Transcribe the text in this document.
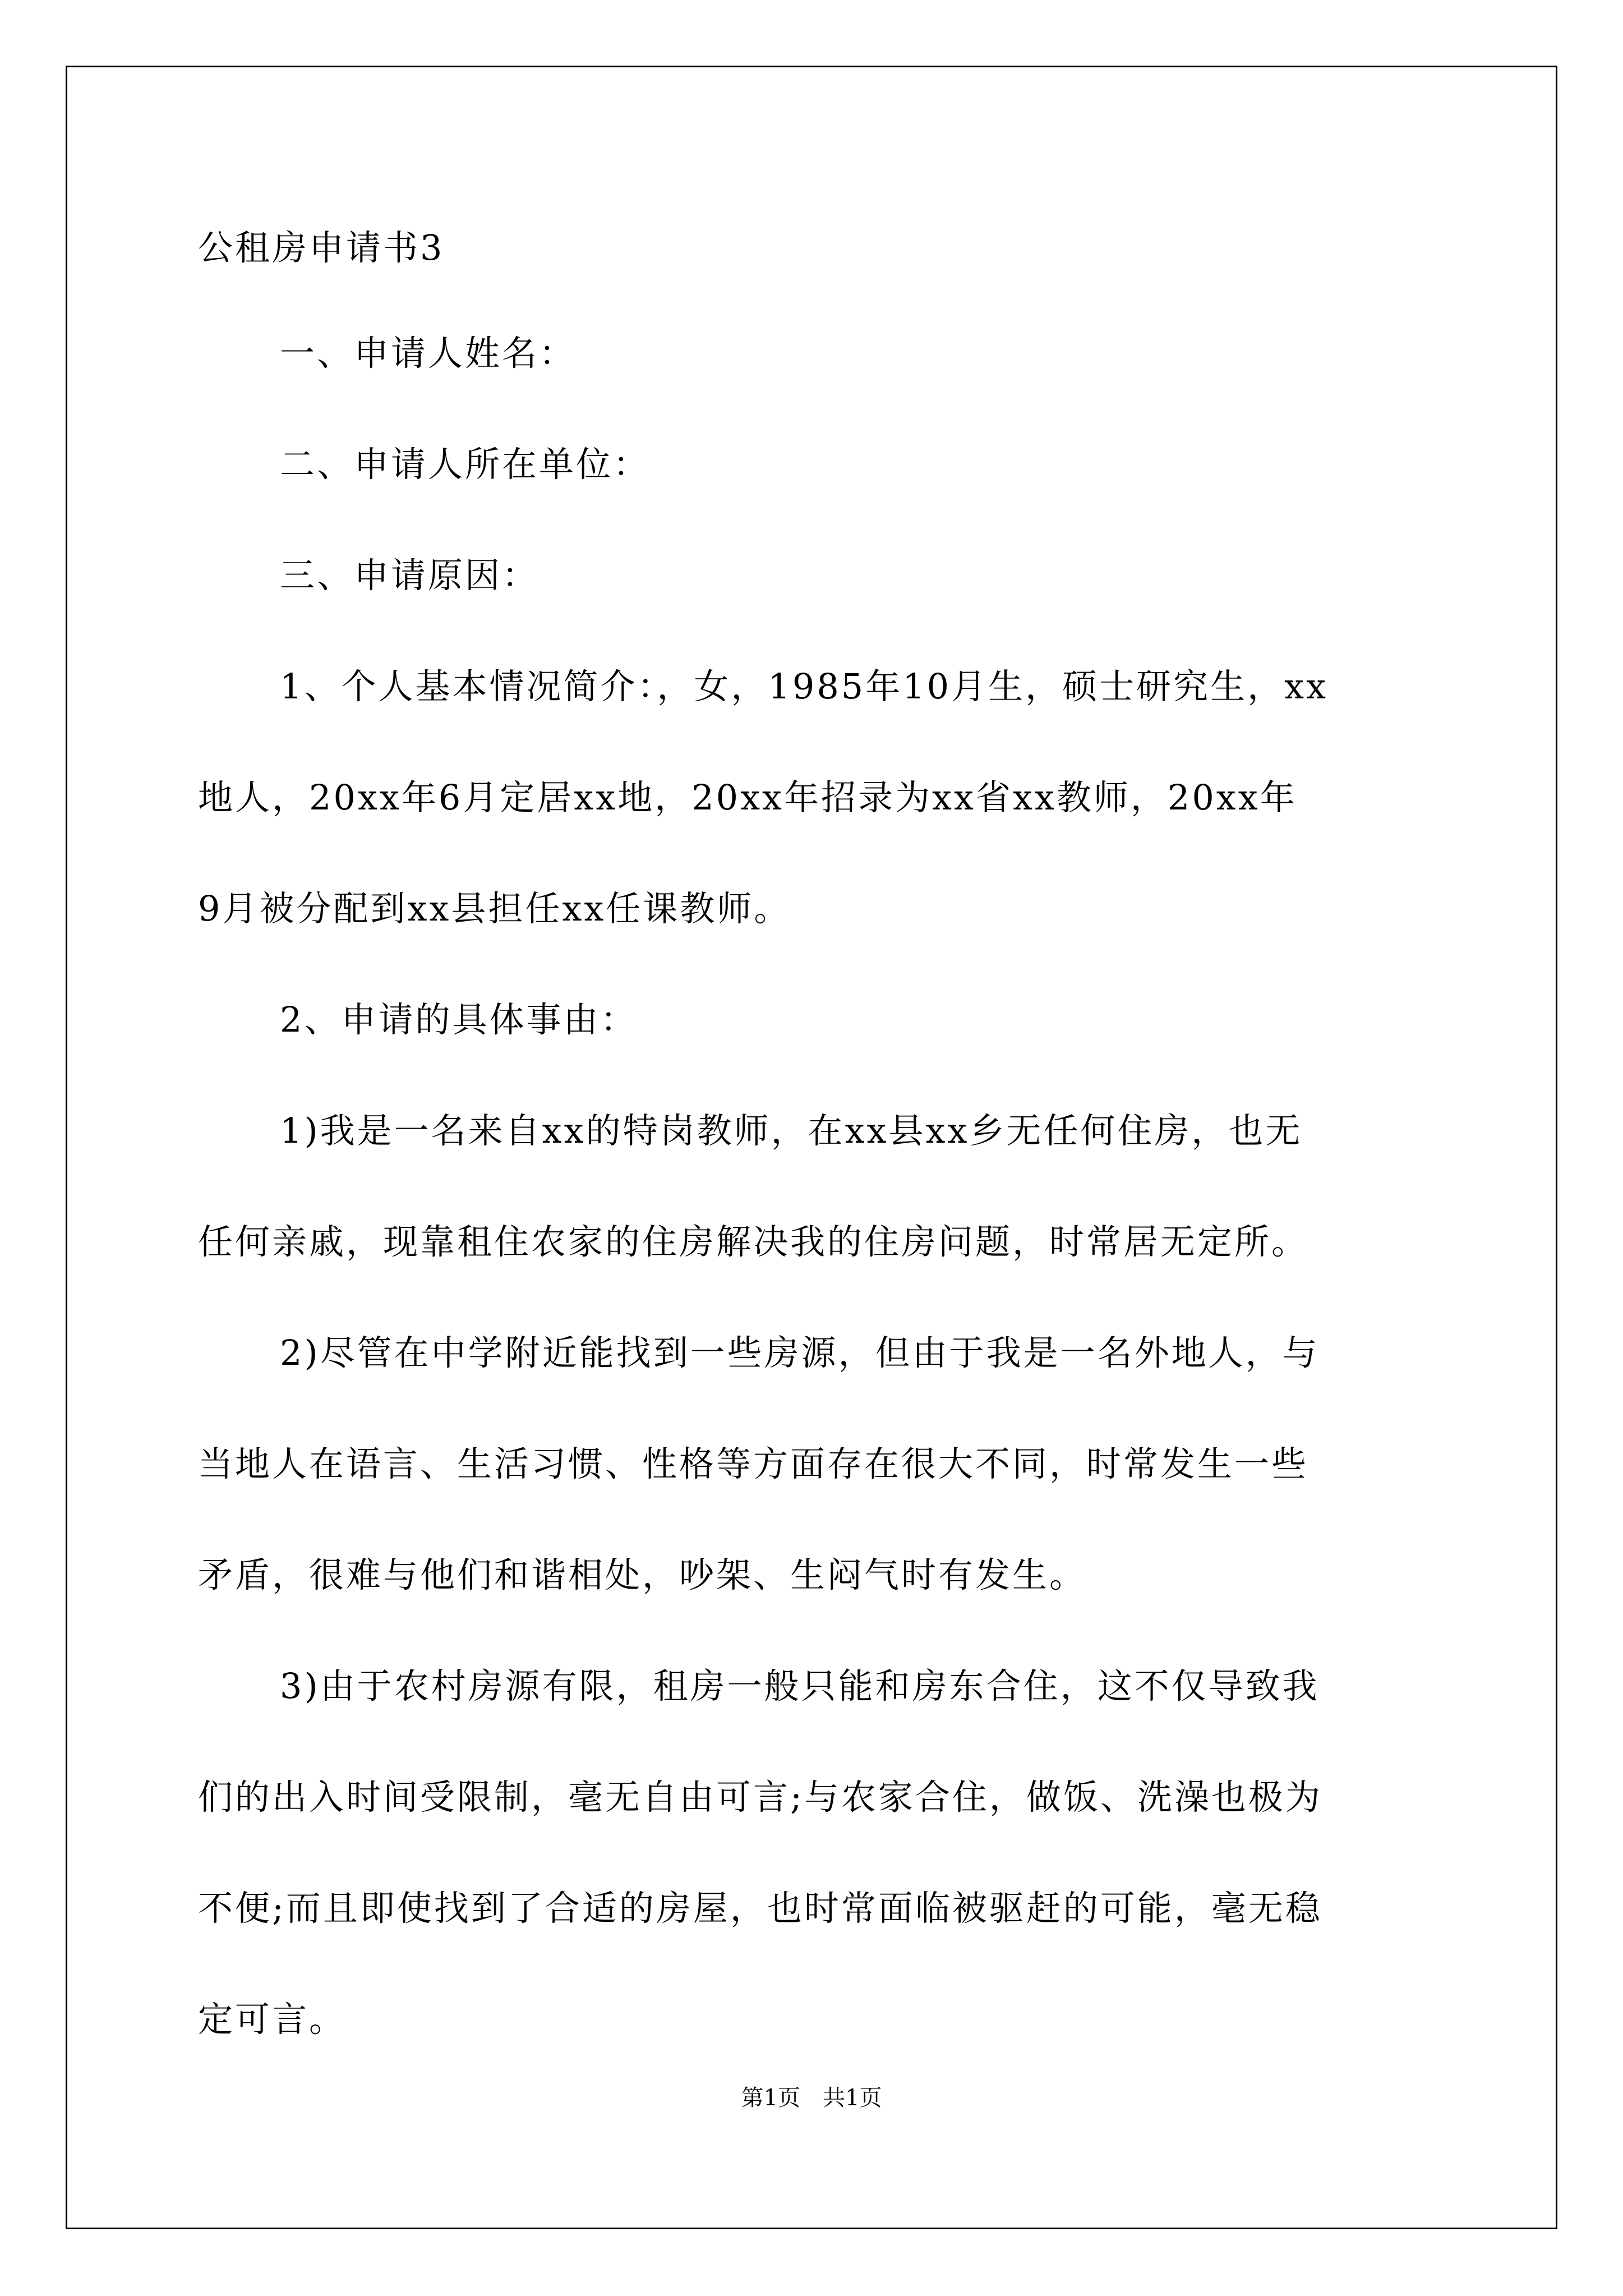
公租房申请书3
一、申请人姓名：
二、申请人所在单位：
三、申请原因：
1、个人基本情况简介：，女，1985年10月生，硕士研究生，xx
地人，20xx年6月定居xx地，20xx年招录为xx省xx教师，20xx年
9月被分配到xx县担任xx任课教师。
2、申请的具体事由：
1)我是一名来自xx的特岗教师，在xx县xx乡无任何住房，也无
任何亲戚，现靠租住农家的住房解决我的住房问题，时常居无定所。
2)尽管在中学附近能找到一些房源，但由于我是一名外地人，与
当地人在语言、生活习惯、性格等方面存在很大不同，时常发生一些
矛盾，很难与他们和谐相处，吵架、生闷气时有发生。
3)由于农村房源有限，租房一般只能和房东合住，这不仅导致我
们的出入时间受限制，毫无自由可言;与农家合住，做饭、洗澡也极为
不便;而且即使找到了合适的房屋，也时常面临被驱赶的可能，毫无稳
定可言。
第1页　共1页
